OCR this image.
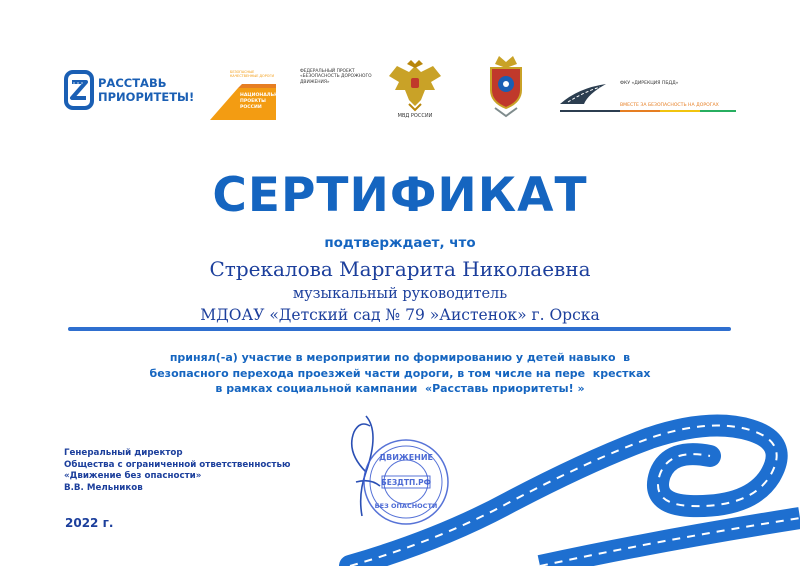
РАССТАВЬ
ПРИОРИТЕТЫ!
БЕЗОПАСНЫЕ
КАЧЕСТВЕННЫЕ ДОРОГИ
НАЦИОНАЛЬНЫЕ
ПРОЕКТЫ
РОССИИ
ФЕДЕРАЛЬНЫЙ ПРОЕКТ
«БЕЗОПАСНОСТЬ ДОРОЖНОГО
ДВИЖЕНИЯ»
МВД РОССИИ
ФКУ «ДИРЕКЦИЯ ПБДД»
ВМЕСТЕ ЗА БЕЗОПАСНОСТЬ НА ДОРОГАХ
СЕРТИФИКАТ
подтверждает, что
Стрекалова Маргарита Николаевна
музыкальный руководитель
МДОАУ «Детский сад № 79 »Аистенок» г. Орска
принял(-а) участие в мероприятии по формированию у детей навыко  в
безопасного перехода проезжей части дороги, в том числе на пере  крестках
в рамках социальной кампании  «Расставь приоритеты! »
ДВИЖЕНИЕ
БЕЗДТП.РФ
БЕЗ ОПАСНОСТИ
Генеральный директор
Общества с ограниченной ответственностью
«Движение без опасности»
В.В. Мельников
2022 г.
